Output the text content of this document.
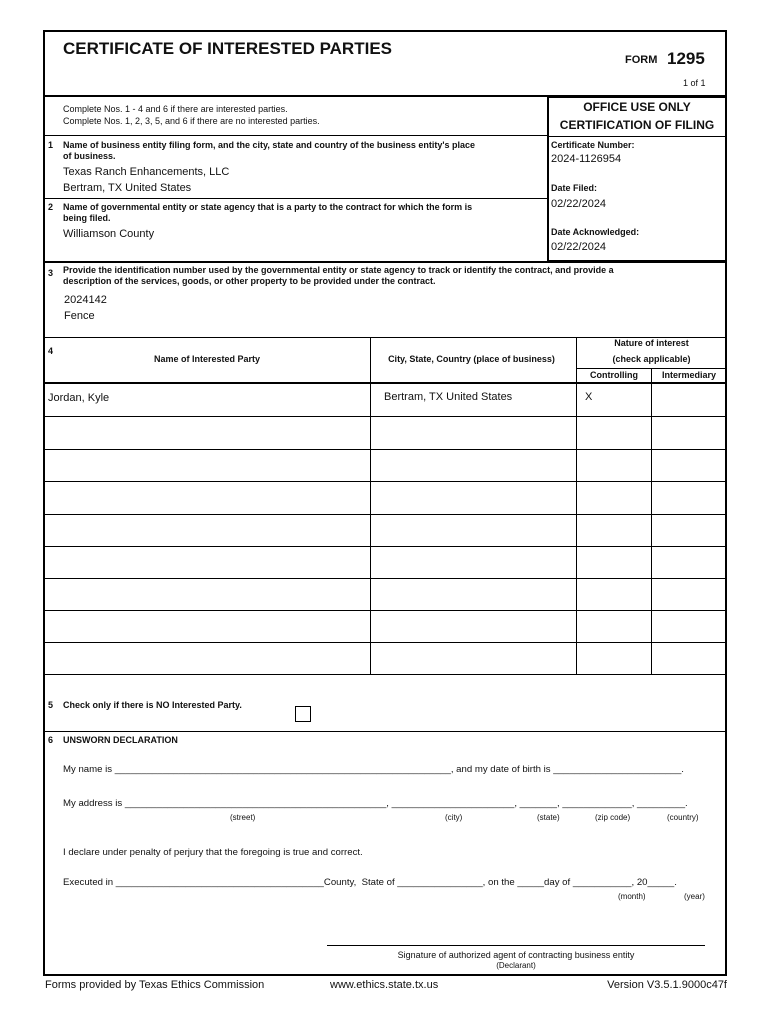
CERTIFICATE OF INTERESTED PARTIES
FORM 1295
1 of 1
Complete Nos. 1 - 4 and 6 if there are interested parties.
Complete Nos. 1, 2, 3, 5, and 6 if there are no interested parties.
OFFICE USE ONLY
CERTIFICATION OF FILING
Certificate Number:
2024-1126954
Date Filed:
02/22/2024
Date Acknowledged:
02/22/2024
1 Name of business entity filing form, and the city, state and country of the business entity's place
of business.
Texas Ranch Enhancements, LLC
Bertram, TX United States
2 Name of governmental entity or state agency that is a party to the contract for which the form is
being filed.
Williamson County
3 Provide the identification number used by the governmental entity or state agency to track or identify the contract, and provide a
description of the services, goods, or other property to be provided under the contract.
2024142
Fence
4
Name of Interested Party	City, State, Country (place of business)
Nature of interest
(check applicable)
Controlling	Intermediary
Jordan, Kyle	Bertram, TX United States	X
5 Check only if there is NO Interested Party.
6 UNSWORN DECLARATION
My name is _______________________________________________________________, and my date of birth is ________________________.
My address is _________________________________________________, _______________________, _______, _____________, _________.
(street)	(city)	(state)	(zip code)	(country)
I declare under penalty of perjury that the foregoing is true and correct.
Executed in _______________________________________County,  State of ________________, on the _____day of ___________, 20_____.
(month)	(year)
Signature of authorized agent of contracting business entity
(Declarant)
Forms provided by Texas Ethics Commission	www.ethics.state.tx.us	Version V3.5.1.9000c47f
